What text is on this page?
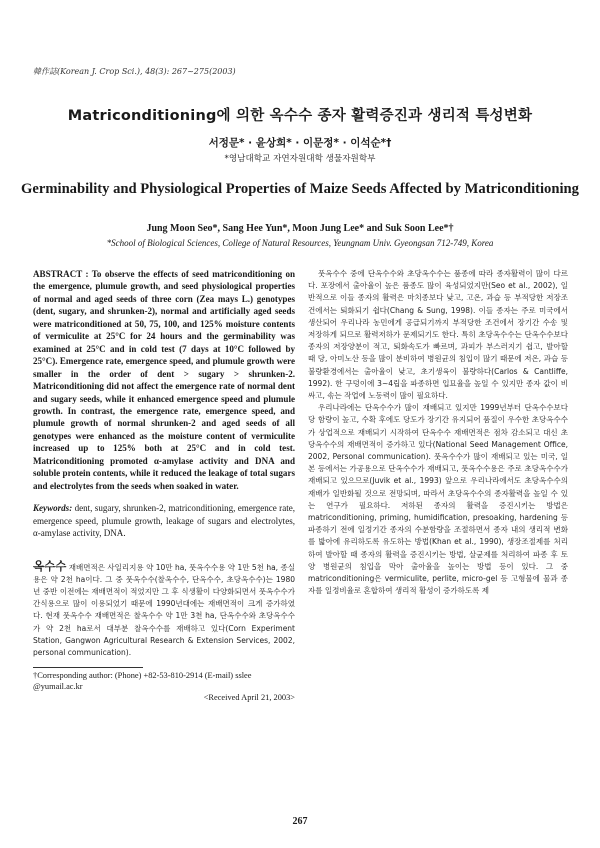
韓作誌(Korean J. Crop Sci.), 48(3): 267~275(2003)
Matriconditioning에 의한 옥수수 종자 활력증진과 생리적 특성변화
서정문* · 윤상희* · 이문정* · 이석순*†
*영남대학교 자연자원대학 생물자원학부
Germinability and Physiological Properties of Maize Seeds Affected by Matriconditioning
Jung Moon Seo*, Sang Hee Yun*, Moon Jung Lee* and Suk Soon Lee*†
*School of Biological Sciences, College of Natural Resources, Yeungnam Univ. Gyeongsan 712-749, Korea

ABSTRACT : To observe the effects of seed matriconditioning on the emergence, plumule growth, and seed physiological properties of normal and aged seeds of three corn (Zea mays L.) genotypes (dent, sugary, and shrunken-2), normal and artificially aged seeds were matriconditioned at 50, 75, 100, and 125% moisture contents of vermiculite at 25°C for 24 hours and the germinability was examined at 25°C and in cold test (7 days at 10°C followed by 25°C). Emergence rate, emergence speed, and plumule growth were smaller in the order of dent > sugary > shrunken-2. Matriconditioning did not affect the emergence rate of normal dent and sugary seeds, while it enhanced emergence speed and plumule growth. In contrast, the emergence rate, emergence speed, and plumule growth of normal shrunken-2 and aged seeds of all genotypes were enhanced as the moisture content of vermiculite increased up to 125% both at 25°C and in cold test. Matriconditioning promoted α-amylase activity and DNA and soluble protein contents, while it reduced the leakage of total sugars and electrolytes from the seeds when soaked in water.

Keywords: dent, sugary, shrunken-2, matriconditioning, emergence rate, emergence speed, plumule growth, leakage of sugars and electrolytes, α-amylase activity, DNA.

옥수수 재배면적은 사일리지용 약 10만 ha, 풋옥수수용 약 1만 5천 ha, 종실용은 약 2천 ha이다. 그 중 풋옥수수(찰옥수수, 단옥수수, 초당옥수수)는 1980년 중반 이전에는 재배면적이 적었지만 그 후 식생활이 다양화되면서 풋옥수수가 간식용으로 많이 이용되었기 때문에 1990년대에는 재배면적이 크게 증가하였다. 현재 풋옥수수 재배면적은 찰옥수수 약 1만 3천 ha, 단옥수수와 초당옥수수가 약 2천 ha로서 대부분 찰옥수수를 재배하고 있다(Corn Experiment Station, Gangwon Agricultural Research & Extension Services, 2002, personal communication).

†Corresponding author: (Phone) +82-53-810-2914 (E-mail) sslee @yumail.ac.kr
<Received April 21, 2003>

풋옥수수 중에 단옥수수와 초당옥수수는 품종에 따라 종자활력이 많이 다르다. 포장에서 출아율이 높은 품종도 많이 육성되었지만(Seo et al., 2002), 일반적으로 이들 종자의 활력은 마치종보다 낮고, 고온, 과습 등 부적당한 저장조건에서는 퇴화되기 쉽다(Chang & Sung, 1998). 이들 종자는 주로 미국에서 생산되어 우리나라 농민에게 공급되기까지 부적당한 조건에서 장기간 수송 및 저장하게 되므로 활력저하가 문제되기도 한다. 특히 초당옥수수는 단옥수수보다 종자의 저장양분이 적고, 퇴화속도가 빠르며, 과피가 부스러지기 쉽고, 발아할 때 당, 아미노산 등을 많이 분비하여 병원균의 침입이 많기 때문에 저온, 과습 등 불량환경에서는 출아율이 낮고, 초기생육이 불량하다(Carlos & Cantliffe, 1992). 한 구덩이에 3~4립을 파종하면 입묘율을 높일 수 있지만 종자 값이 비싸고, 솎는 작업에 노동력이 많이 필요하다.

우리나라에는 단옥수수가 많이 재배되고 있지만 1999년부터 단옥수수보다 당 함량이 높고, 수확 후에도 당도가 장기간 유지되어 품질이 우수한 초당옥수수가 상업적으로 재배되기 시작하여 단옥수수 재배면적은 점차 감소되고 대신 초당옥수수의 재배면적이 증가하고 있다(National Seed Management Office, 2002, Personal communication). 풋옥수수가 많이 재배되고 있는 미국, 일본 등에서는 가공용으로 단옥수수가 재배되고, 풋옥수수용은 주로 초당옥수수가 재배되고 있으므로(Juvik et al., 1993) 앞으로 우리나라에서도 초당옥수수의 재배가 일반화될 것으로 전망되며, 따라서 초당옥수수의 종자활력을 높일 수 있는 연구가 필요하다. 저하된 종자의 활력을 증진시키는 방법은 matriconditioning, priming, humidification, presoaking, hardening 등 파종하기 전에 일정기간 종자의 수분함량을 조절하면서 종자 내의 생리적 변화를 밟아에 유리하도록 유도하는 방법(Khan et al., 1990), 생장조절제를 처리하여 발아할 때 종자의 활력을 증진시키는 방법, 살균제를 처리하여 파종 후 토양 병원균의 침입을 막아 출아율을 높이는 방법 등이 있다. 그 중 matriconditioning은 vermiculite, perlite, micro-gel 등 고형물에 물과 종자를 일정비율로 혼합하여 생리적 활성이 증가하도록 제

267
